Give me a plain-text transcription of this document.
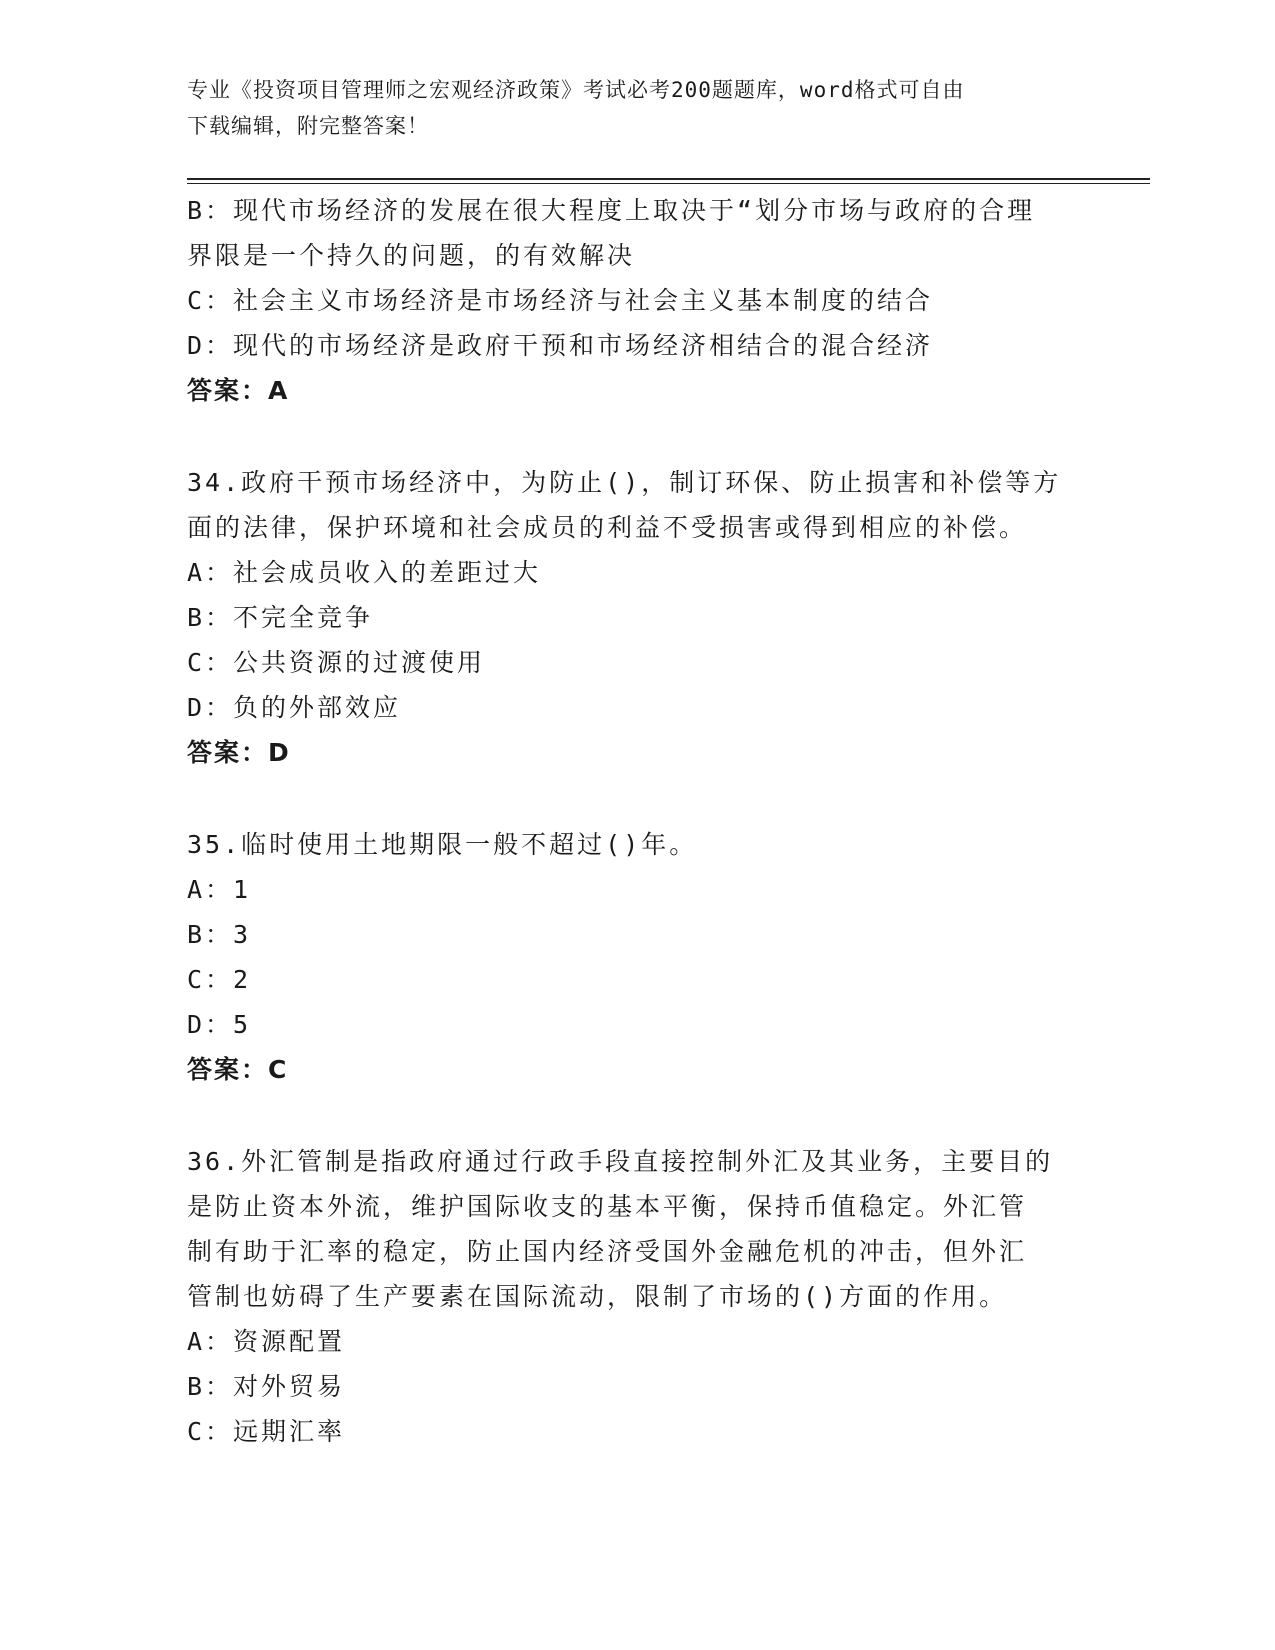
专业《投资项目管理师之宏观经济政策》考试必考200题题库，word格式可自由
下载编辑，附完整答案！
B：现代市场经济的发展在很大程度上取决于“划分市场与政府的合理
界限是一个持久的问题，的有效解决
C：社会主义市场经济是市场经济与社会主义基本制度的结合
D：现代的市场经济是政府干预和市场经济相结合的混合经济
答案：A
34.政府干预市场经济中，为防止()，制订环保、防止损害和补偿等方
面的法律，保护环境和社会成员的利益不受损害或得到相应的补偿。
A：社会成员收入的差距过大
B：不完全竞争
C：公共资源的过渡使用
D：负的外部效应
答案：D
35.临时使用土地期限一般不超过()年。
A：1
B：3
C：2
D：5
答案：C
36.外汇管制是指政府通过行政手段直接控制外汇及其业务，主要目的
是防止资本外流，维护国际收支的基本平衡，保持币值稳定。外汇管
制有助于汇率的稳定，防止国内经济受国外金融危机的冲击，但外汇
管制也妨碍了生产要素在国际流动，限制了市场的()方面的作用。
A：资源配置
B：对外贸易
C：远期汇率
